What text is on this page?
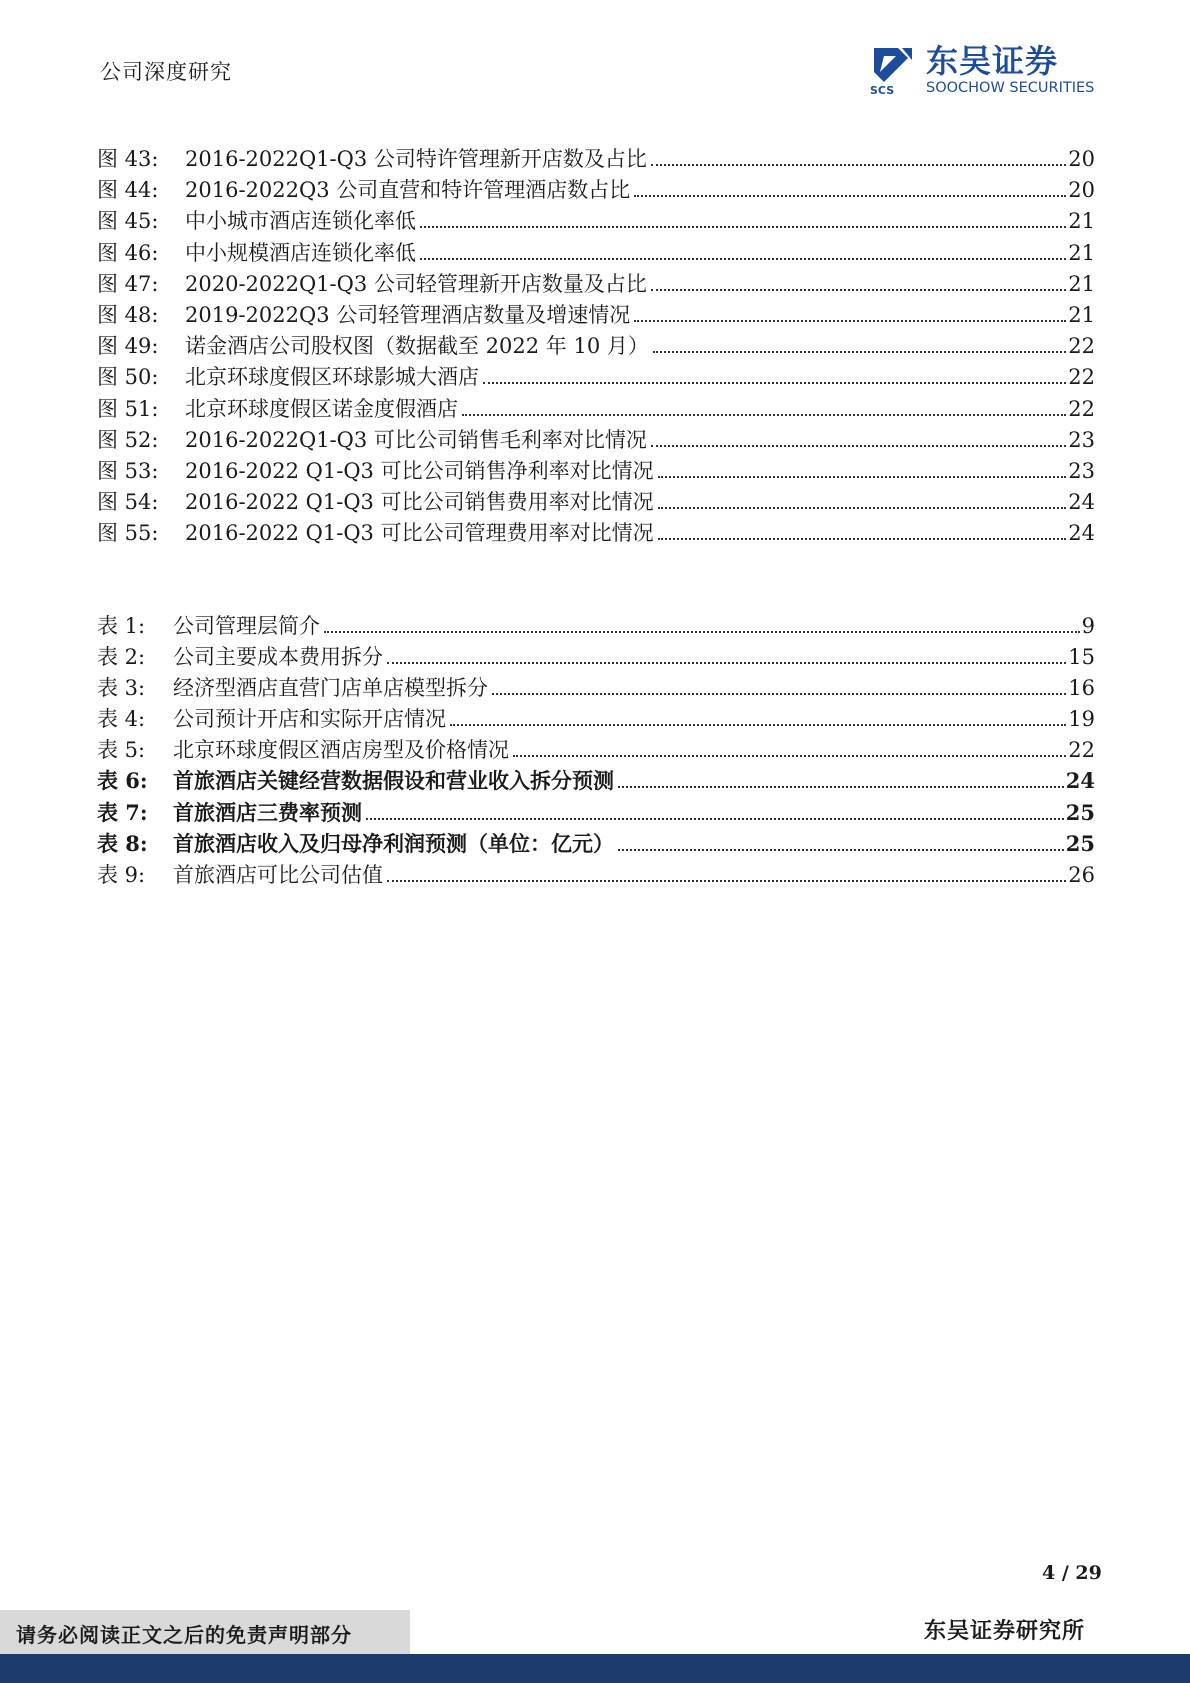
公司深度研究
SCS
东吴证券
SOOCHOW SECURITIES
图 43:	2016-2022Q1-Q3 公司特许管理新开店数及占比	20
图 44:	2016-2022Q3 公司直营和特许管理酒店数占比	20
图 45:	中小城市酒店连锁化率低	21
图 46:	中小规模酒店连锁化率低	21
图 47:	2020-2022Q1-Q3 公司轻管理新开店数量及占比	21
图 48:	2019-2022Q3 公司轻管理酒店数量及增速情况	21
图 49:	诺金酒店公司股权图（数据截至 2022 年 10 月）	22
图 50:	北京环球度假区环球影城大酒店	22
图 51:	北京环球度假区诺金度假酒店	22
图 52:	2016-2022Q1-Q3 可比公司销售毛利率对比情况	23
图 53:	2016-2022 Q1-Q3 可比公司销售净利率对比情况	23
图 54:	2016-2022 Q1-Q3 可比公司销售费用率对比情况	24
图 55:	2016-2022 Q1-Q3 可比公司管理费用率对比情况	24
表 1:	公司管理层简介	9
表 2:	公司主要成本费用拆分	15
表 3:	经济型酒店直营门店单店模型拆分	16
表 4:	公司预计开店和实际开店情况	19
表 5:	北京环球度假区酒店房型及价格情况	22
表 6:	首旅酒店关键经营数据假设和营业收入拆分预测	24
表 7:	首旅酒店三费率预测	25
表 8:	首旅酒店收入及归母净利润预测（单位：亿元）	25
表 9:	首旅酒店可比公司估值	26
4 / 29
请务必阅读正文之后的免责声明部分	东吴证券研究所
